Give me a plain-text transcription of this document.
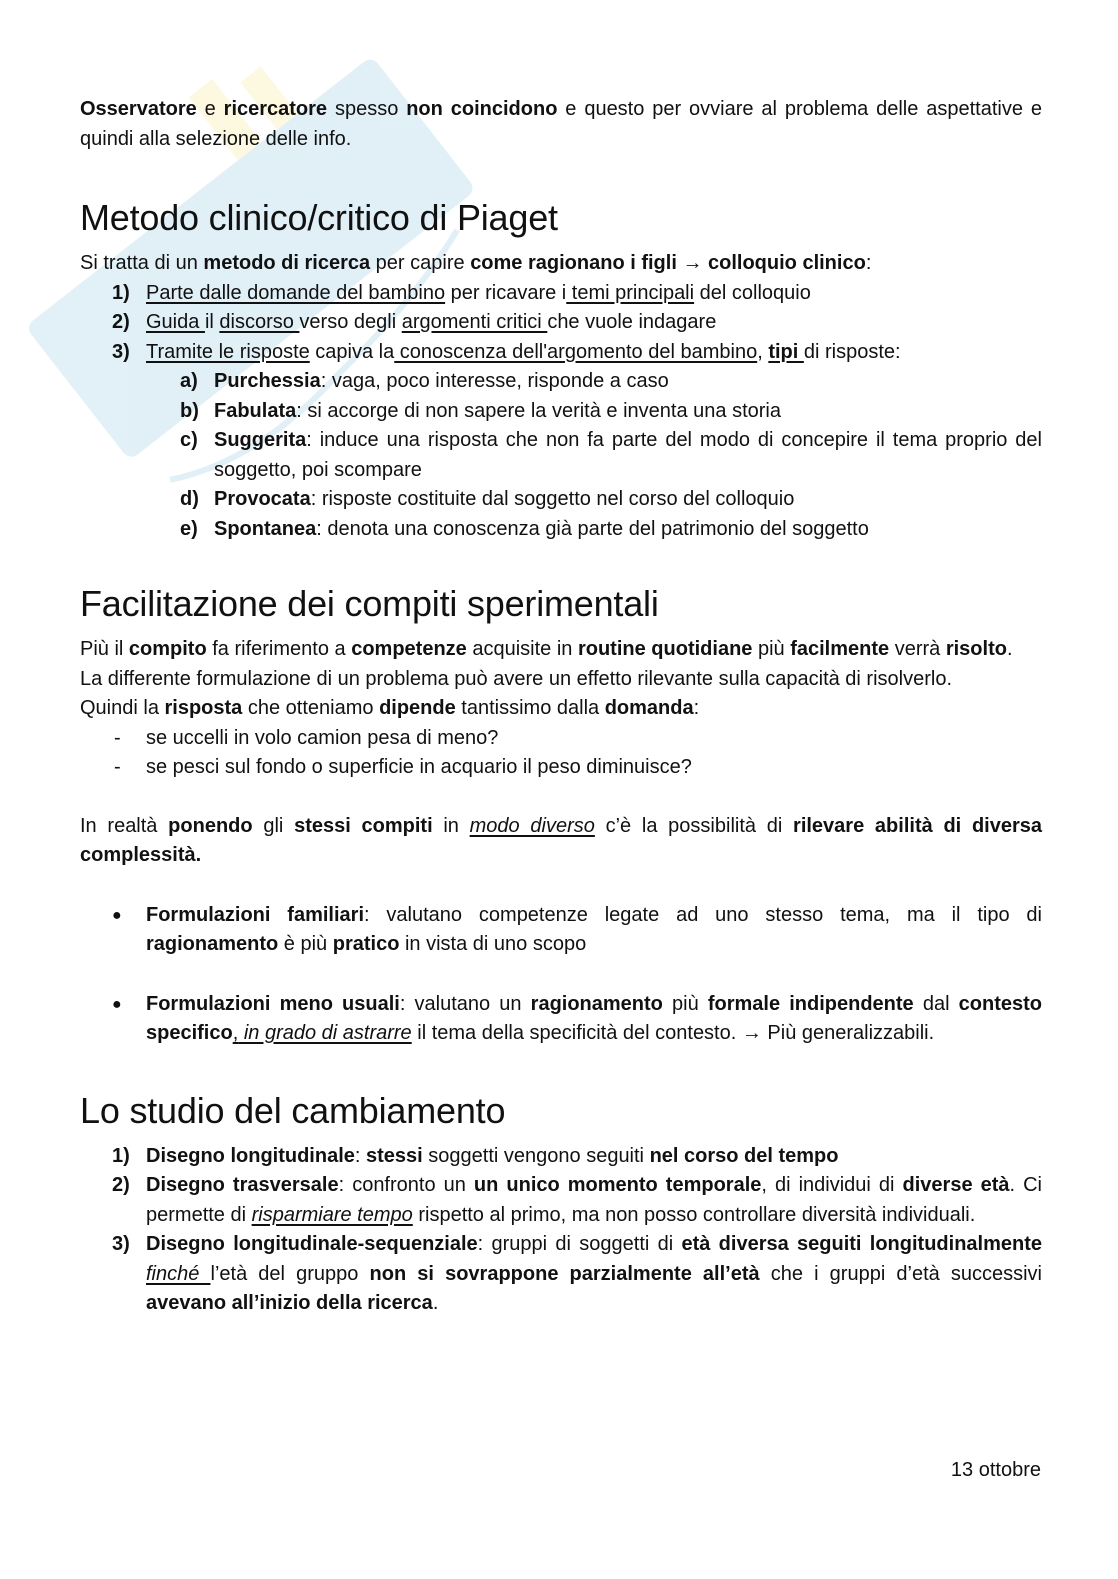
Osservatore e ricercatore spesso non coincidono e questo per ovviare al problema delle aspettative e quindi alla selezione delle info.

Metodo clinico/critico di Piaget

Si tratta di un metodo di ricerca per capire come ragionano i figli → colloquio clinico:

1) Parte dalle domande del bambino per ricavare i temi principali del colloquio
2) Guida il discorso verso degli argomenti critici che vuole indagare
3) Tramite le risposte capiva la conoscenza dell'argomento del bambino, tipi di risposte:
a) Purchessia: vaga, poco interesse, risponde a caso
b) Fabulata: si accorge di non sapere la verità e inventa una storia
c) Suggerita: induce una risposta che non fa parte del modo di concepire il tema proprio del soggetto, poi scompare
d) Provocata: risposte costituite dal soggetto nel corso del colloquio
e) Spontanea: denota una conoscenza già parte del patrimonio del soggetto
Facilitazione dei compiti sperimentali

Più il compito fa riferimento a competenze acquisite in routine quotidiane più facilmente verrà risolto.

La differente formulazione di un problema può avere un effetto rilevante sulla capacità di risolverlo.

Quindi la risposta che otteniamo dipende tantissimo dalla domanda:

- se uccelli in volo camion pesa di meno?
- se pesci sul fondo o superficie in acquario il peso diminuisce?

In realtà ponendo gli stessi compiti in modo diverso c’è la possibilità di rilevare abilità di diversa complessità.

● Formulazioni familiari: valutano competenze legate ad uno stesso tema, ma il tipo di ragionamento è più pratico in vista di uno scopo
● Formulazioni meno usuali: valutano un ragionamento più formale indipendente dal contesto specifico, in grado di astrarre il tema della specificità del contesto. → Più generalizzabili.
Lo studio del cambiamento
1) Disegno longitudinale: stessi soggetti vengono seguiti nel corso del tempo
2) Disegno trasversale: confronto un un unico momento temporale, di individui di diverse età. Ci permette di risparmiare tempo rispetto al primo, ma non posso controllare diversità individuali.
3) Disegno longitudinale-sequenziale: gruppi di soggetti di età diversa seguiti longitudinalmente finché l’età del gruppo non si sovrappone parzialmente all’età che i gruppi d’età successivi avevano all’inizio della ricerca.
13 ottobre
